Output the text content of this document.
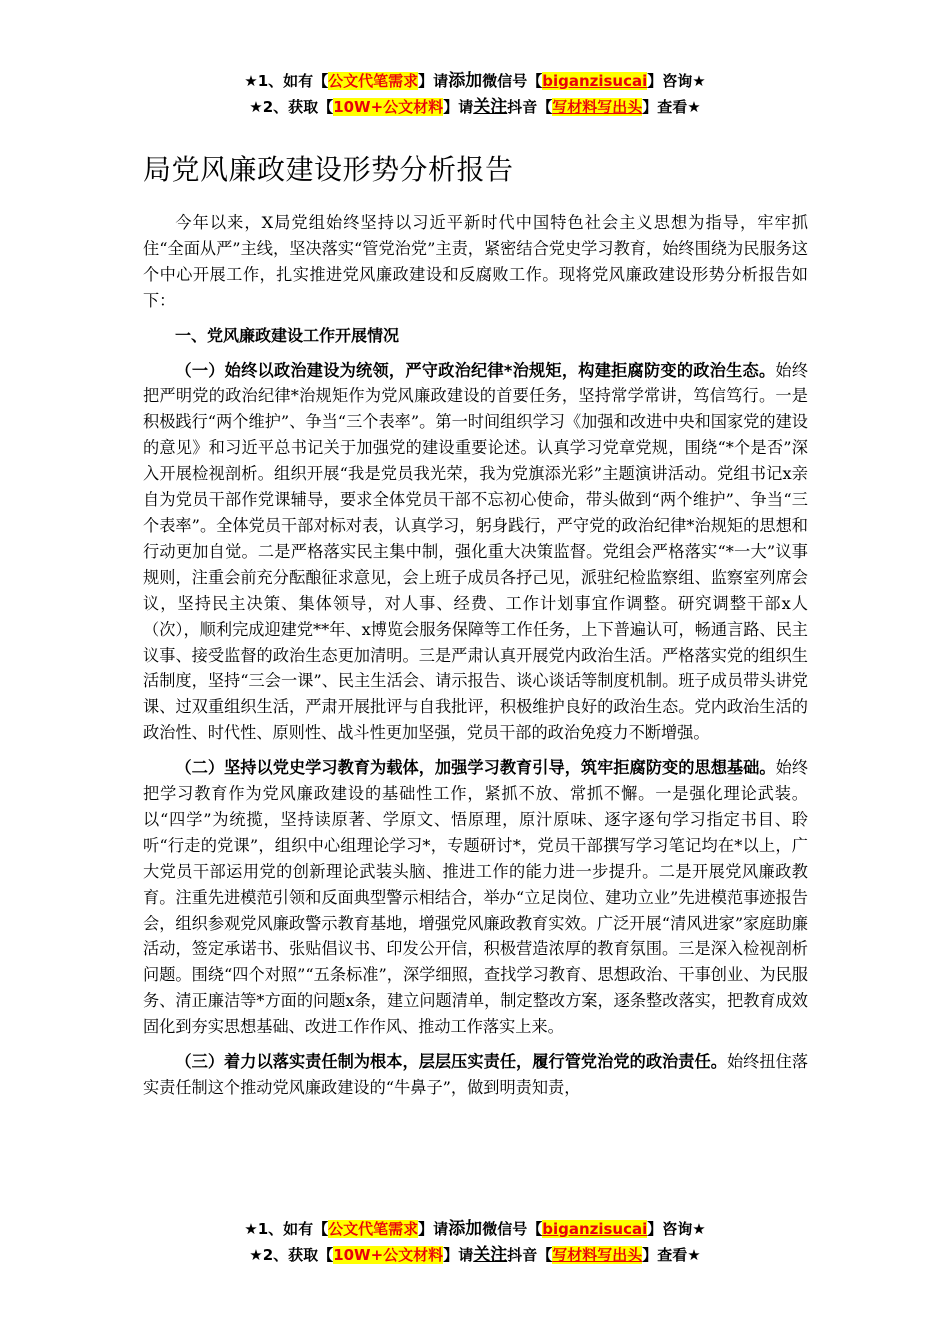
★1、如有【公文代笔需求】请添加微信号【biganzisucai】咨询★
★2、获取【10W+公文材料】请关注抖音【写材料写出头】查看★
局党风廉政建设形势分析报告

今年以来，X局党组始终坚持以习近平新时代中国特色社会主义思想为指导，牢牢抓住“全面从严”主线，坚决落实“管党治党”主责，紧密结合党史学习教育，始终围绕为民服务这个中心开展工作，扎实推进党风廉政建设和反腐败工作。现将党风廉政建设形势分析报告如下：

一、党风廉政建设工作开展情况

（一）始终以政治建设为统领，严守政治纪律*治规矩，构建拒腐防变的政治生态。始终把严明党的政治纪律*治规矩作为党风廉政建设的首要任务，坚持常学常讲，笃信笃行。一是积极践行“两个维护”、争当“三个表率”。第一时间组织学习《加强和改进中央和国家党的建设的意见》和习近平总书记关于加强党的建设重要论述。认真学习党章党规，围绕“*个是否”深入开展检视剖析。组织开展“我是党员我光荣，我为党旗添光彩”主题演讲活动。党组书记x亲自为党员干部作党课辅导，要求全体党员干部不忘初心使命，带头做到“两个维护”、争当“三个表率”。全体党员干部对标对表，认真学习，躬身践行，严守党的政治纪律*治规矩的思想和行动更加自觉。二是严格落实民主集中制，强化重大决策监督。党组会严格落实“*一大”议事规则，注重会前充分酝酿征求意见，会上班子成员各抒己见，派驻纪检监察组、监察室列席会议，坚持民主决策、集体领导，对人事、经费、工作计划事宜作调整。研究调整干部x人（次），顺利完成迎建党**年、x博览会服务保障等工作任务，上下普遍认可，畅通言路、民主议事、接受监督的政治生态更加清明。三是严肃认真开展党内政治生活。严格落实党的组织生活制度，坚持“三会一课”、民主生活会、请示报告、谈心谈话等制度机制。班子成员带头讲党课、过双重组织生活，严肃开展批评与自我批评，积极维护良好的政治生态。党内政治生活的政治性、时代性、原则性、战斗性更加坚强，党员干部的政治免疫力不断增强。

（二）坚持以党史学习教育为载体，加强学习教育引导，筑牢拒腐防变的思想基础。始终把学习教育作为党风廉政建设的基础性工作，紧抓不放、常抓不懈。一是强化理论武装。以“四学”为统揽，坚持读原著、学原文、悟原理，原汁原味、逐字逐句学习指定书目、聆听“行走的党课”，组织中心组理论学习*，专题研讨*，党员干部撰写学习笔记均在*以上，广大党员干部运用党的创新理论武装头脑、推进工作的能力进一步提升。二是开展党风廉政教育。注重先进模范引领和反面典型警示相结合，举办“立足岗位、建功立业”先进模范事迹报告会，组织参观党风廉政警示教育基地，增强党风廉政教育实效。广泛开展“清风进家”家庭助廉活动，签定承诺书、张贴倡议书、印发公开信，积极营造浓厚的教育氛围。三是深入检视剖析问题。围绕“四个对照”“五条标准”，深学细照，查找学习教育、思想政治、干事创业、为民服务、清正廉洁等*方面的问题x条，建立问题清单，制定整改方案，逐条整改落实，把教育成效固化到夯实思想基础、改进工作作风、推动工作落实上来。

（三）着力以落实责任制为根本，层层压实责任，履行管党治党的政治责任。始终扭住落实责任制这个推动党风廉政建设的“牛鼻子”，做到明责知责，

★1、如有【公文代笔需求】请添加微信号【biganzisucai】咨询★
★2、获取【10W+公文材料】请关注抖音【写材料写出头】查看★
